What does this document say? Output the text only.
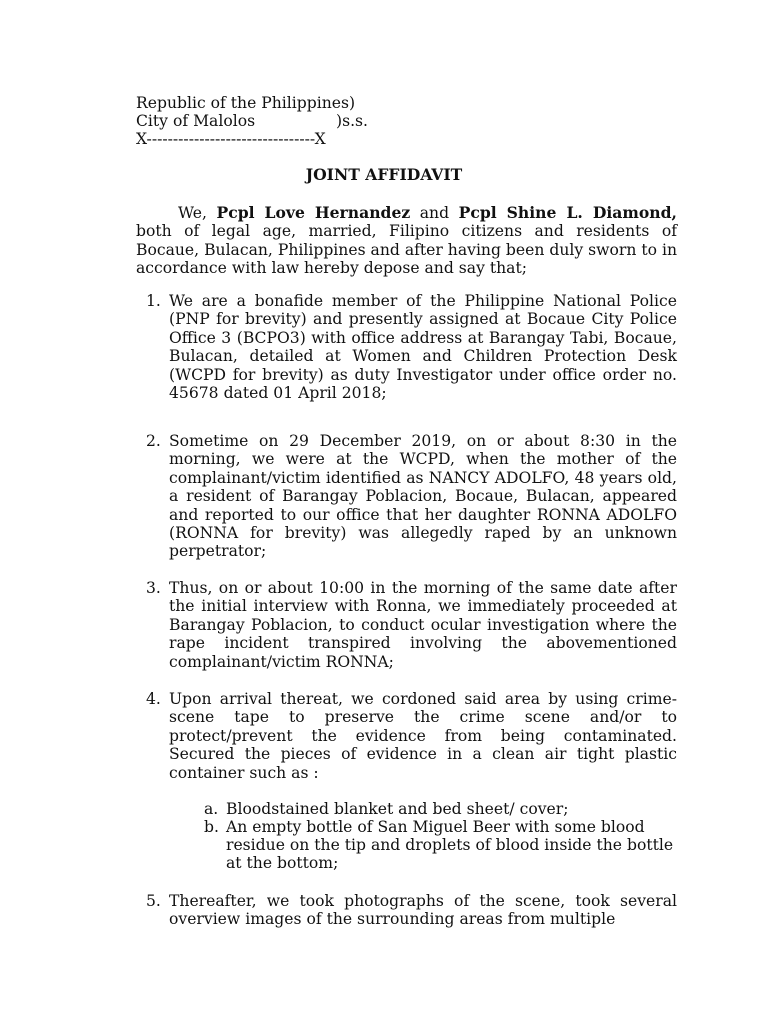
Republic of the Philippines)
City of Malolos	)s.s.
X--------------------------------X
JOINT AFFIDAVIT
We, Pcpl Love Hernandez and Pcpl Shine L. Diamond, both of legal age, married, Filipino citizens and residents of Bocaue, Bulacan, Philippines and after having been duly sworn to in accordance with law hereby depose and say that;
1. We are a bonafide member of the Philippine National Police (PNP for brevity) and presently assigned at Bocaue City Police Office 3 (BCPO3) with office address at Barangay Tabi, Bocaue, Bulacan, detailed at Women and Children Protection Desk (WCPD for brevity) as duty Investigator under office order no. 45678 dated 01 April 2018;
2. Sometime on 29 December 2019, on or about 8:30 in the morning, we were at the WCPD, when the mother of the complainant/victim identified as NANCY ADOLFO, 48 years old, a resident of Barangay Poblacion, Bocaue, Bulacan, appeared and reported to our office that her daughter RONNA ADOLFO (RONNA for brevity) was allegedly raped by an unknown perpetrator;
3. Thus, on or about 10:00 in the morning of the same date after the initial interview with Ronna, we immediately proceeded at Barangay Poblacion, to conduct ocular investigation where the rape incident transpired involving the abovementioned complainant/victim RONNA;
4. Upon arrival thereat, we cordoned said area by using crime-scene tape to preserve the crime scene and/or to protect/prevent the evidence from being contaminated. Secured the pieces of evidence in a clean air tight plastic container such as :
a. Bloodstained blanket and bed sheet/ cover;
b. An empty bottle of San Miguel Beer with some blood residue on the tip and droplets of blood inside the bottle at the bottom;
5. Thereafter, we took photographs of the scene, took several overview images of the surrounding areas from multiple
